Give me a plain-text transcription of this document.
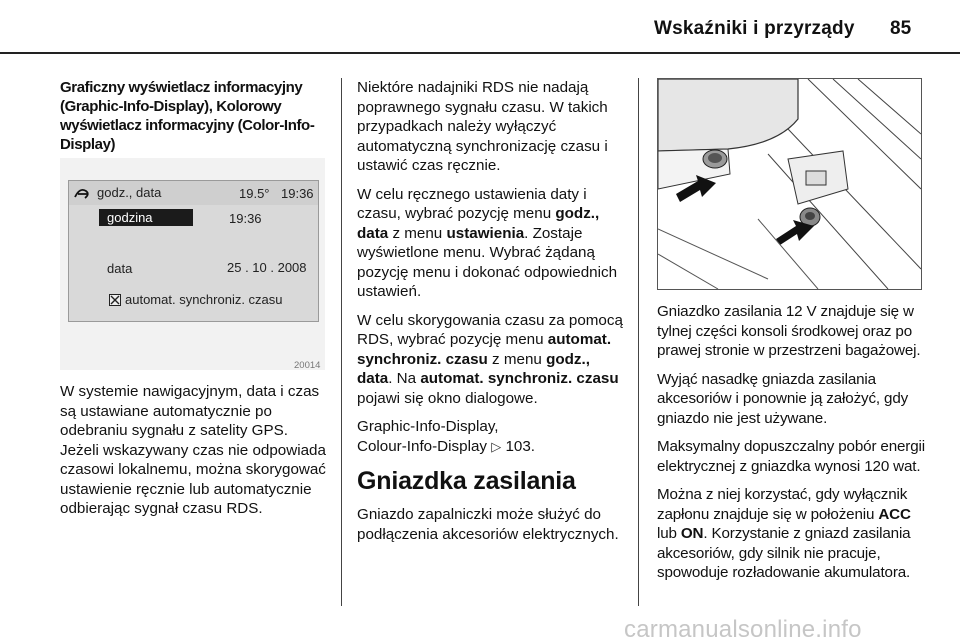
Wskaźniki i przyrządy 85

Graficzny wyświetlacz informacyjny (Graphic-Info-Display), Kolorowy wyświetlacz informacyjny (Color-Info-Display)

godz., data	19.5° 19:36
godzina	19:36
data	25 . 10 . 2008
automat. synchroniz. czasu
20014

W systemie nawigacyjnym, data i czas są ustawiane automatycznie po odebraniu sygnału z satelity GPS. Jeżeli wskazywany czas nie odpowiada czasowi lokalnemu, można skorygować ustawienie ręcznie lub automatycznie odbierając sygnał czasu RDS.

Niektóre nadajniki RDS nie nadają poprawnego sygnału czasu. W takich przypadkach należy wyłączyć automatyczną synchronizację czasu i ustawić czas ręcznie.

W celu ręcznego ustawienia daty i czasu, wybrać pozycję menu godz., data z menu ustawienia. Zostaje wyświetlone menu. Wybrać żądaną pozycję menu i dokonać odpowiednich ustawień.

W celu skorygowania czasu za pomocą RDS, wybrać pozycję menu automat. synchroniz. czasu z menu godz., data. Na automat. synchroniz. czasu pojawi się okno dialogowe.

Graphic-Info-Display,
Colour-Info-Display ▷ 103.

Gniazdka zasilania

Gniazdo zapalniczki może służyć do podłączenia akcesoriów elektrycznych.

Gniazdko zasilania 12 V znajduje się w tylnej części konsoli środkowej oraz po prawej stronie w przestrzeni bagażowej.

Wyjąć nasadkę gniazda zasilania akcesoriów i ponownie ją założyć, gdy gniazdo nie jest używane.

Maksymalny dopuszczalny pobór energii elektrycznej z gniazdka wynosi 120 wat.

Można z niej korzystać, gdy wyłącznik zapłonu znajduje się w położeniu ACC lub ON. Korzystanie z gniazd zasilania akcesoriów, gdy silnik nie pracuje, spowoduje rozładowanie akumulatora.

carmanualsonline.info
